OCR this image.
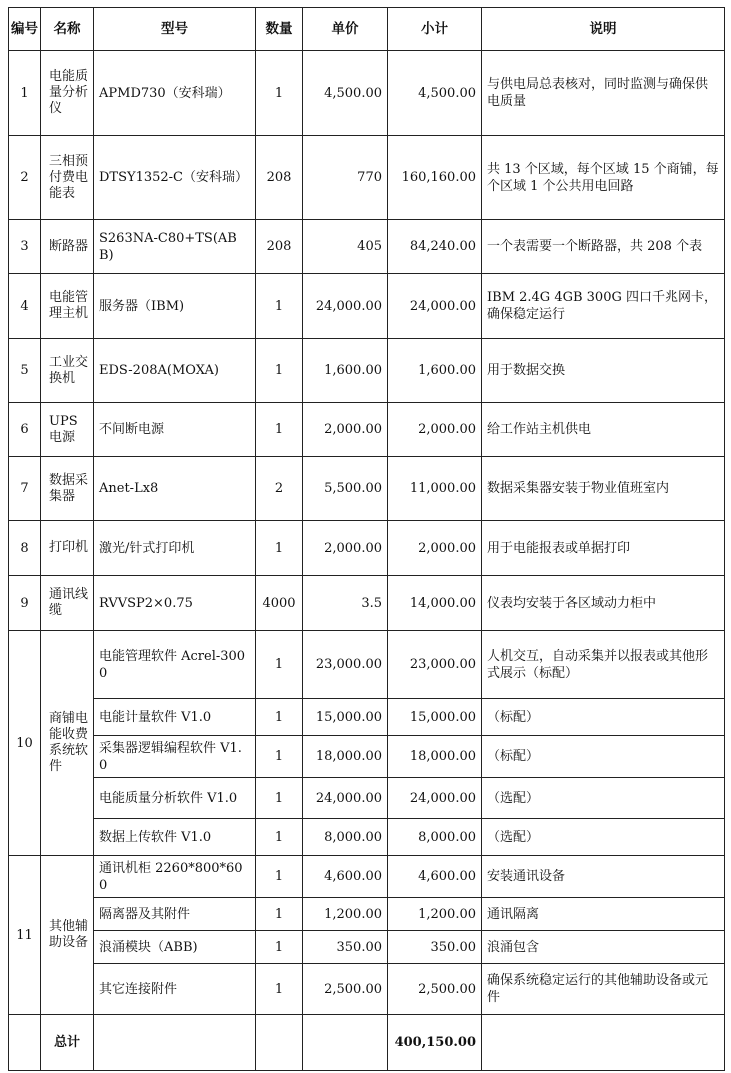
编号	名称	型号	数量	单价	小计	说明
1	电能质量分析仪	APMD730（安科瑞）	1	4,500.00	4,500.00	与供电局总表核对，同时监测与确保供电质量
2	三相预付费电能表	DTSY1352-C（安科瑞）	208	770	160,160.00	共 13 个区域，每个区域 15 个商铺，每个区域 1 个公共用电回路
3	断路器	S263NA-C80+TS(ABB)	208	405	84,240.00	一个表需要一个断路器，共 208 个表
4	电能管理主机	服务器（IBM)	1	24,000.00	24,000.00	IBM 2.4G 4GB 300G 四口千兆网卡，确保稳定运行
5	工业交换机	EDS-208A(MOXA)	1	1,600.00	1,600.00	用于数据交换
6	UPS电源	不间断电源	1	2,000.00	2,000.00	给工作站主机供电
7	数据采集器	Anet-Lx8	2	5,500.00	11,000.00	数据采集器安装于物业值班室内
8	打印机	激光/针式打印机	1	2,000.00	2,000.00	用于电能报表或单据打印
9	通讯线缆	RVVSP2×0.75	4000	3.5	14,000.00	仪表均安装于各区域动力柜中
10	商铺电能收费系统软件	电能管理软件 Acrel-3000	1	23,000.00	23,000.00	人机交互，自动采集并以报表或其他形式展示（标配）
		电能计量软件 V1.0	1	15,000.00	15,000.00	（标配）
		采集器逻辑编程软件 V1.0	1	18,000.00	18,000.00	（标配）
		电能质量分析软件 V1.0	1	24,000.00	24,000.00	（选配）
		数据上传软件 V1.0	1	8,000.00	8,000.00	（选配）
11	其他辅助设备	通讯机柜 2260*800*600	1	4,600.00	4,600.00	安装通讯设备
		隔离器及其附件	1	1,200.00	1,200.00	通讯隔离
		浪涌模块（ABB)	1	350.00	350.00	浪涌包含
		其它连接附件	1	2,500.00	2,500.00	确保系统稳定运行的其他辅助设备或元件
	总计				400,150.00	
